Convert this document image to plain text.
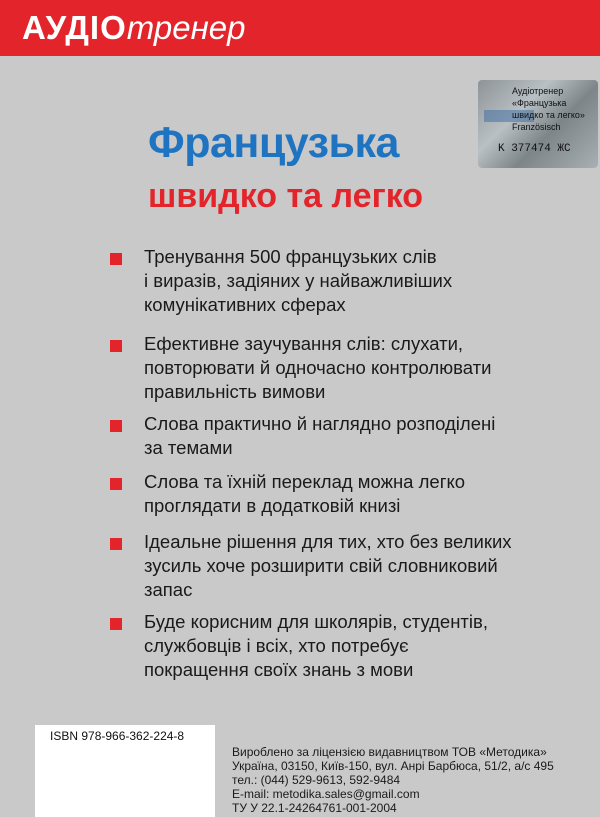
АУДІОтренер
Аудіотренер
«Французька
швидко та легко»
Französisch
K 377474 ЖС
Французька
швидко та легко
Тренування 500 французьких слів
і виразів, задіяних у найважливіших
комунікативних сферах
Ефективне заучування слів: слухати,
повторювати й одночасно контролювати
правильність вимови
Слова практично й наглядно розподілені
за темами
Слова та їхній переклад можна легко
проглядати в додатковій книзі
Ідеальне рішення для тих, хто без великих
зусиль хоче розширити свій словниковий
запас
Буде корисним для школярів, студентів,
службовців і всіх, хто потребує
покращення своїх знань з мови
ISBN 978-966-362-224-8
Вироблено за ліцензією видавництвом ТОВ «Методика»
Україна, 03150, Київ-150, вул. Анрі Барбюса, 51/2, а/с 495
тел.: (044) 529-9613, 592-9484
E-mail: metodika.sales@gmail.com
ТУ У 22.1-24264761-001-2004
